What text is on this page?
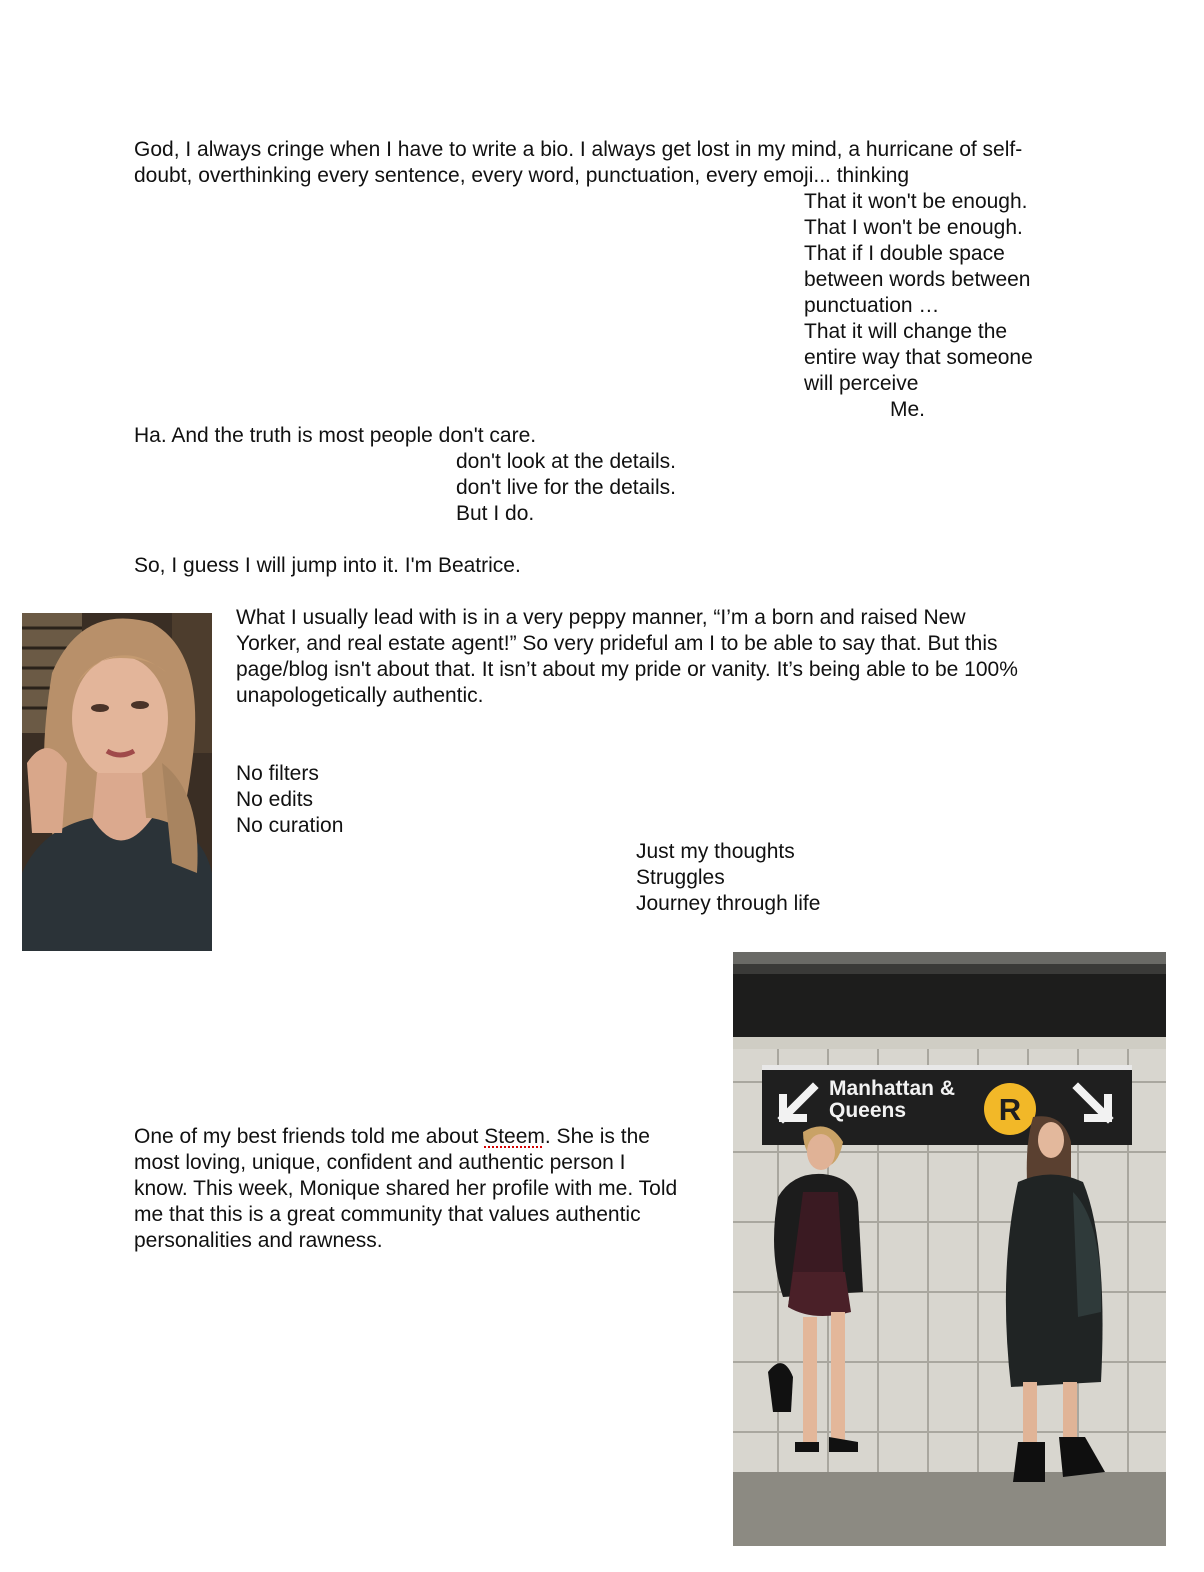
God, I always cringe when I have to write a bio. I always get lost in my mind, a hurricane of self-
doubt, overthinking every sentence, every word, punctuation, every emoji... thinking
That it won't be enough.
That I won't be enough.
That if I double space
between words between
punctuation …
That it will change the
entire way that someone
will perceive
Me.
Ha. And the truth is most people don't care.
don't look at the details.
don't live for the details.
But I do.
So, I guess I will jump into it. I'm Beatrice.
What I usually lead with is in a very peppy manner, “I’m a born and raised New
Yorker, and real estate agent!” So very prideful am I to be able to say that. But this
page/blog isn't about that. It isn’t about my pride or vanity. It’s being able to be 100%
unapologetically authentic.
No filters
No edits
No curation
Just my thoughts
Struggles
Journey through life
One of my best friends told me about Steem. She is the
most loving, unique, confident and authentic person I
know. This week, Monique shared her profile with me. Told
me that this is a great community that values authentic
personalities and rawness.
R
Manhattan &
Queens
